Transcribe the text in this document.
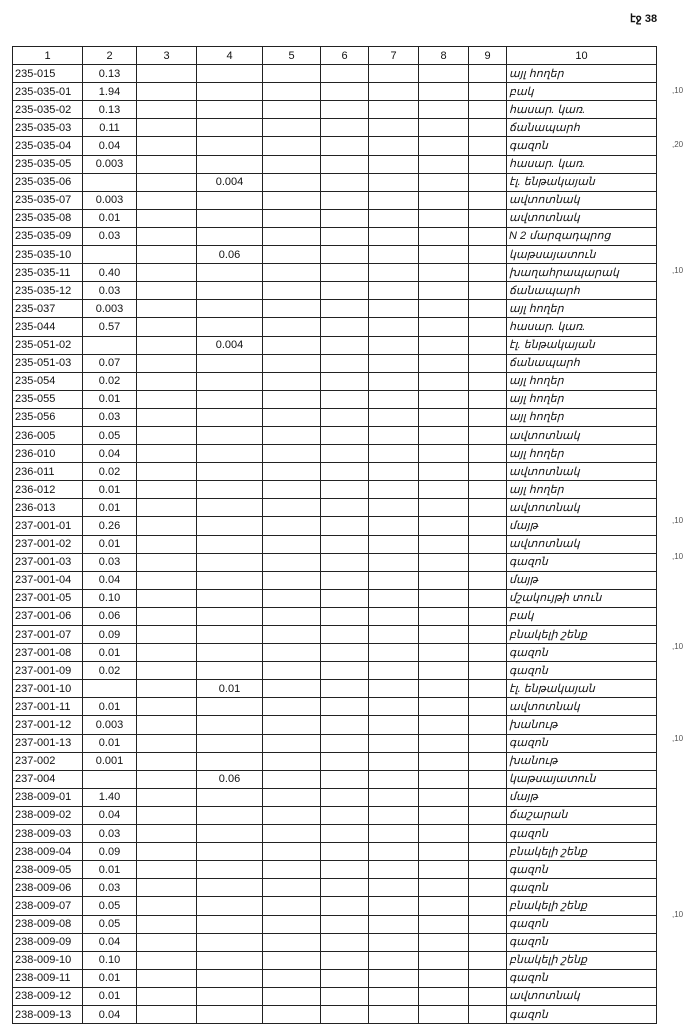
էջ 38
1	2	3	4	5	6	7	8	9	10
235-015	0.13								այլ հողեր
235-035-01	1.94								բակ
235-035-02	0.13								հասար. կառ.
235-035-03	0.11								ճանապարհ
235-035-04	0.04								գազոն
235-035-05	0.003								հասար. կառ.
235-035-06			0.004						էլ. ենթակայան
235-035-07	0.003								ավտոտնակ
235-035-08	0.01								ավտոտնակ
235-035-09	0.03								N 2 մարզադպրոց
235-035-10			0.06						կաթսայատուն
235-035-11	0.40								խաղահրապարակ
235-035-12	0.03								ճանապարհ
235-037	0.003								այլ հողեր
235-044	0.57								հասար. կառ.
235-051-02			0.004						էլ. ենթակայան
235-051-03	0.07								ճանապարհ
235-054	0.02								այլ հողեր
235-055	0.01								այլ հողեր
235-056	0.03								այլ հողեր
236-005	0.05								ավտոտնակ
236-010	0.04								այլ հողեր
236-011	0.02								ավտոտնակ
236-012	0.01								այլ հողեր
236-013	0.01								ավտոտնակ
237-001-01	0.26								մայթ
237-001-02	0.01								ավտոտնակ
237-001-03	0.03								գազոն
237-001-04	0.04								մայթ
237-001-05	0.10								մշակույթի տուն
237-001-06	0.06								բակ
237-001-07	0.09								բնակելի շենք
237-001-08	0.01								գազոն
237-001-09	0.02								գազոն
237-001-10			0.01						էլ. ենթակայան
237-001-11	0.01								ավտոտնակ
237-001-12	0.003								խանութ
237-001-13	0.01								գազոն
237-002	0.001								խանութ
237-004			0.06						կաթսայատուն
238-009-01	1.40								մայթ
238-009-02	0.04								ճաշարան
238-009-03	0.03								գազոն
238-009-04	0.09								բնակելի շենք
238-009-05	0.01								գազոն
238-009-06	0.03								գազոն
238-009-07	0.05								բնակելի շենք
238-009-08	0.05								գազոն
238-009-09	0.04								գազոն
238-009-10	0.10								բնակելի շենք
238-009-11	0.01								գազոն
238-009-12	0.01								ավտոտնակ
238-009-13	0.04								գազոն
,10
,20
,10
,10
,10
,10
,10
,10
